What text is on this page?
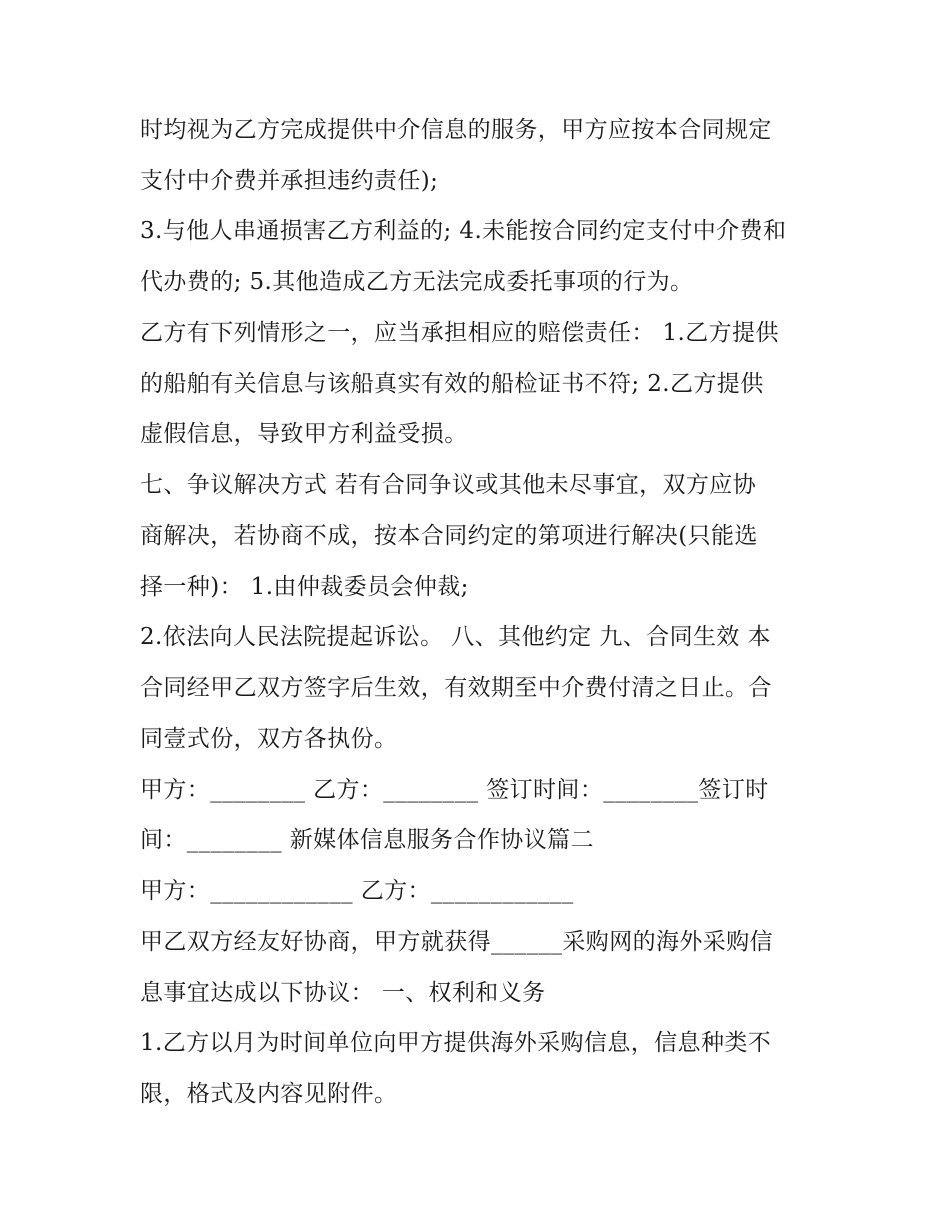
时均视为乙方完成提供中介信息的服务，甲方应按本合同规定
支付中介费并承担违约责任);
3.与他人串通损害乙方利益的; 4.未能按合同约定支付中介费和
代办费的; 5.其他造成乙方无法完成委托事项的行为。
乙方有下列情形之一，应当承担相应的赔偿责任： 1.乙方提供
的船舶有关信息与该船真实有效的船检证书不符; 2.乙方提供
虚假信息，导致甲方利益受损。
七、争议解决方式 若有合同争议或其他未尽事宜，双方应协
商解决，若协商不成，按本合同约定的第项进行解决(只能选
择一种)： 1.由仲裁委员会仲裁;
2.依法向人民法院提起诉讼。 八、其他约定 九、合同生效 本
合同经甲乙双方签字后生效，有效期至中介费付清之日止。合
同壹式份，双方各执份。
甲方：________ 乙方：________ 签订时间：________签订时
间：________ 新媒体信息服务合作协议篇二
甲方：____________ 乙方：____________
甲乙双方经友好协商，甲方就获得______采购网的海外采购信
息事宜达成以下协议： 一、权利和义务
1.乙方以月为时间单位向甲方提供海外采购信息，信息种类不
限，格式及内容见附件。
